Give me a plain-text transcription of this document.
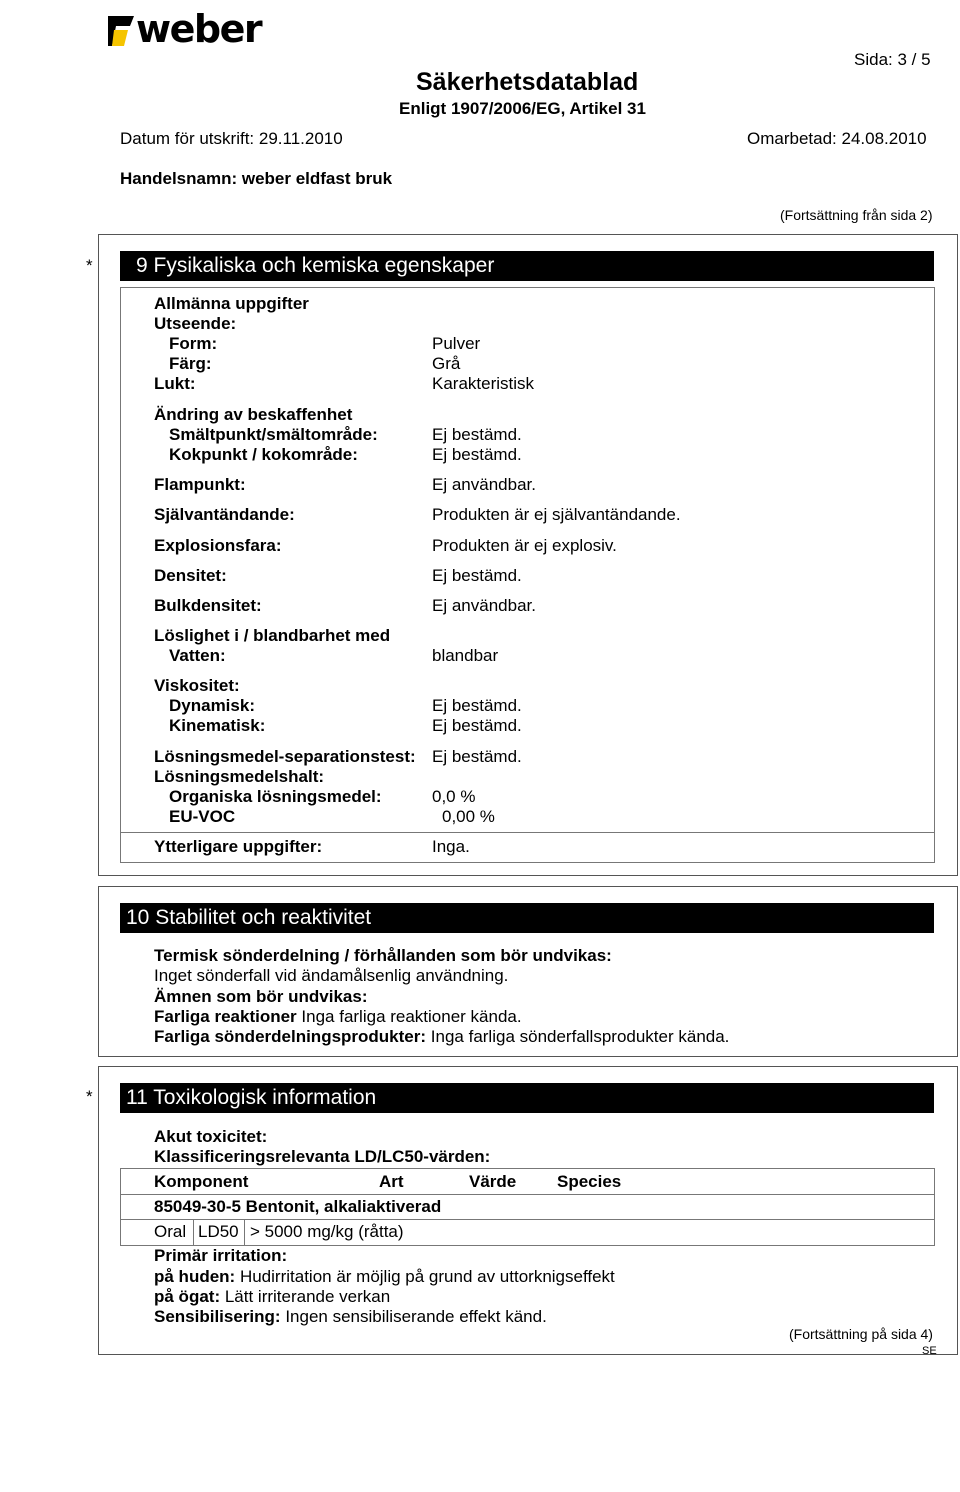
weber
Sida: 3 / 5
Säkerhetsdatablad
Enligt 1907/2006/EG, Artikel 31
Datum för utskrift: 29.11.2010	Omarbetad: 24.08.2010
Handelsnamn: weber eldfast bruk
(Fortsättning från sida 2)
*	9 Fysikaliska och kemiska egenskaper
Allmänna uppgifter
Utseende:
Form:	Pulver
Färg:	Grå
Lukt:	Karakteristisk
Ändring av beskaffenhet
Smältpunkt/smältområde:	Ej bestämd.
Kokpunkt / kokområde:	Ej bestämd.
Flampunkt:	Ej användbar.
Självantändande:	Produkten är ej självantändande.
Explosionsfara:	Produkten är ej explosiv.
Densitet:	Ej bestämd.
Bulkdensitet:	Ej användbar.
Löslighet i / blandbarhet med
Vatten:	blandbar
Viskositet:
Dynamisk:	Ej bestämd.
Kinematisk:	Ej bestämd.
Lösningsmedel-separationstest: Ej bestämd.
Lösningsmedelshalt:
Organiska lösningsmedel:	0,0 %
EU-VOC	0,00 %
Ytterligare uppgifter:	Inga.
10 Stabilitet och reaktivitet
Termisk sönderdelning / förhållanden som bör undvikas:
Inget sönderfall vid ändamålsenlig användning.
Ämnen som bör undvikas:
Farliga reaktioner Inga farliga reaktioner kända.
Farliga sönderdelningsprodukter: Inga farliga sönderfallsprodukter kända.
* 11 Toxikologisk information
Akut toxicitet:
Klassificeringsrelevanta LD/LC50-värden:
Komponent	Art	Värde Species
85049-30-5 Bentonit, alkaliaktiverad
Oral LD50 > 5000 mg/kg (råtta)
Primär irritation:
på huden: Hudirritation är möjlig på grund av uttorknigseffekt
på ögat: Lätt irriterande verkan
Sensibilisering: Ingen sensibiliserande effekt känd.
(Fortsättning på sida 4)
SE
